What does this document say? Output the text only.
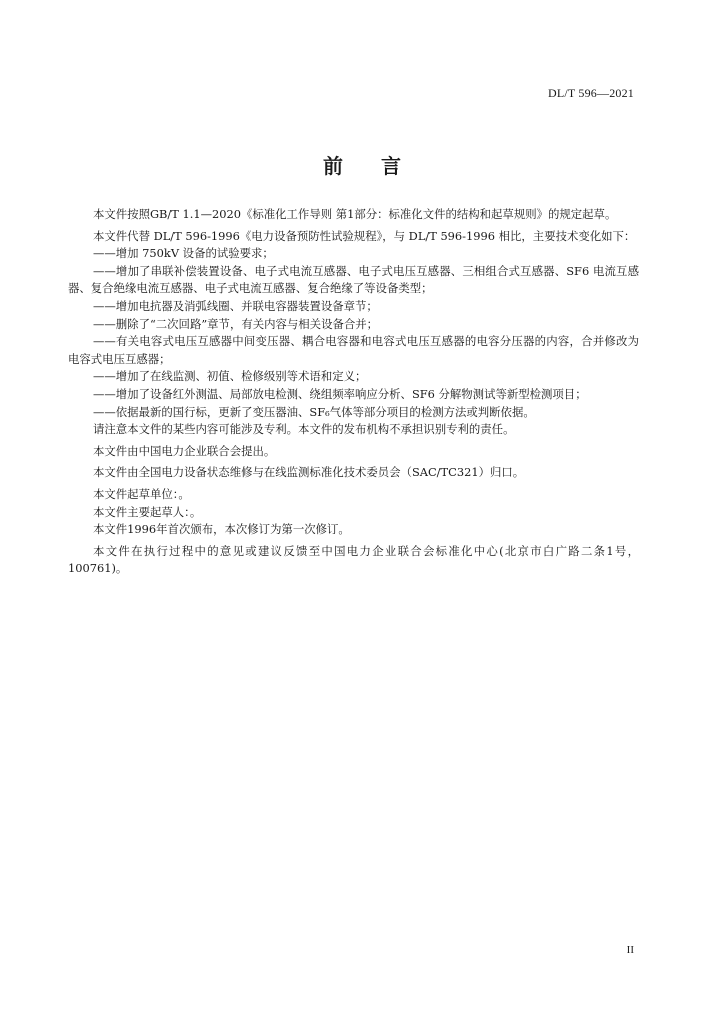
DL/T 596—2021
前言

本文件按照GB/T 1.1—2020《标准化工作导则 第1部分：标准化文件的结构和起草规则》的规定起草。

本文件代替 DL/T 596-1996《电力设备预防性试验规程》，与 DL/T 596-1996 相比，主要技术变化如下：

——增加 750kV 设备的试验要求；

——增加了串联补偿装置设备、电子式电流互感器、电子式电压互感器、三相组合式互感器、SF6 电流互感器、复合绝缘电流互感器、电子式电流互感器、复合绝缘了等设备类型；

——增加电抗器及消弧线圈、并联电容器装置设备章节；

——删除了“二次回路”章节，有关内容与相关设备合并；

——有关电容式电压互感器中间变压器、耦合电容器和电容式电压互感器的电容分压器的内容，合并修改为电容式电压互感器；

——增加了在线监测、初值、检修级别等术语和定义；

——增加了设备红外测温、局部放电检测、绕组频率响应分析、SF6 分解物测试等新型检测项目；

——依据最新的国行标，更新了变压器油、SF₆气体等部分项目的检测方法或判断依据。

请注意本文件的某些内容可能涉及专利。本文件的发布机构不承担识别专利的责任。

本文件由中国电力企业联合会提出。

本文件由全国电力设备状态维修与在线监测标准化技术委员会（SAC/TC321）归口。

本文件起草单位：。

本文件主要起草人：。

本文件1996年首次颁布，本次修订为第一次修订。

本文件在执行过程中的意见或建议反馈至中国电力企业联合会标准化中心(北京市白广路二条1号，100761)。

II
